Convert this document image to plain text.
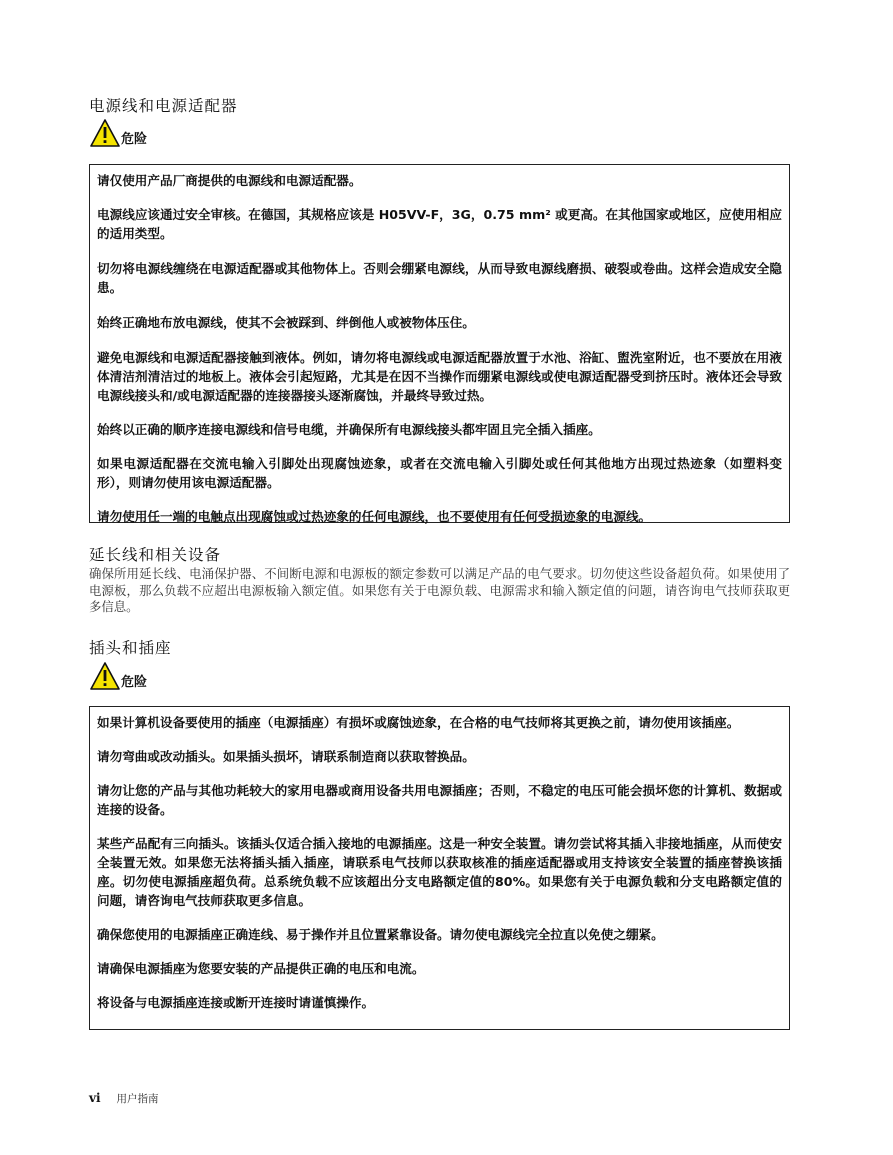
电源线和电源适配器
危险

请仅使用产品厂商提供的电源线和电源适配器。

电源线应该通过安全审核。在德国，其规格应该是 H05VV-F，3G，0.75 mm² 或更高。在其他国家或地区，应使用相应的适用类型。

切勿将电源线缠绕在电源适配器或其他物体上。否则会绷紧电源线，从而导致电源线磨损、破裂或卷曲。这样会造成安全隐患。

始终正确地布放电源线，使其不会被踩到、绊倒他人或被物体压住。

避免电源线和电源适配器接触到液体。例如，请勿将电源线或电源适配器放置于水池、浴缸、盥洗室附近，也不要放在用液体清洁剂清洁过的地板上。液体会引起短路，尤其是在因不当操作而绷紧电源线或使电源适配器受到挤压时。液体还会导致电源线接头和/或电源适配器的连接器接头逐渐腐蚀，并最终导致过热。

始终以正确的顺序连接电源线和信号电缆，并确保所有电源线接头都牢固且完全插入插座。

如果电源适配器在交流电输入引脚处出现腐蚀迹象，或者在交流电输入引脚处或任何其他地方出现过热迹象（如塑料变形），则请勿使用该电源适配器。

请勿使用任一端的电触点出现腐蚀或过热迹象的任何电源线，也不要使用有任何受损迹象的电源线。

延长线和相关设备

确保所用延长线、电涌保护器、不间断电源和电源板的额定参数可以满足产品的电气要求。切勿使这些设备超负荷。如果使用了电源板，那么负载不应超出电源板输入额定值。如果您有关于电源负载、电源需求和输入额定值的问题，请咨询电气技师获取更多信息。

插头和插座
危险

如果计算机设备要使用的插座（电源插座）有损坏或腐蚀迹象，在合格的电气技师将其更换之前，请勿使用该插座。

请勿弯曲或改动插头。如果插头损坏，请联系制造商以获取替换品。

请勿让您的产品与其他功耗较大的家用电器或商用设备共用电源插座；否则，不稳定的电压可能会损坏您的计算机、数据或连接的设备。

某些产品配有三向插头。该插头仅适合插入接地的电源插座。这是一种安全装置。请勿尝试将其插入非接地插座，从而使安全装置无效。如果您无法将插头插入插座，请联系电气技师以获取核准的插座适配器或用支持该安全装置的插座替换该插座。切勿使电源插座超负荷。总系统负载不应该超出分支电路额定值的80%。如果您有关于电源负载和分支电路额定值的问题，请咨询电气技师获取更多信息。

确保您使用的电源插座正确连线、易于操作并且位置紧靠设备。请勿使电源线完全拉直以免使之绷紧。

请确保电源插座为您要安装的产品提供正确的电压和电流。

将设备与电源插座连接或断开连接时请谨慎操作。

vi 用户指南
